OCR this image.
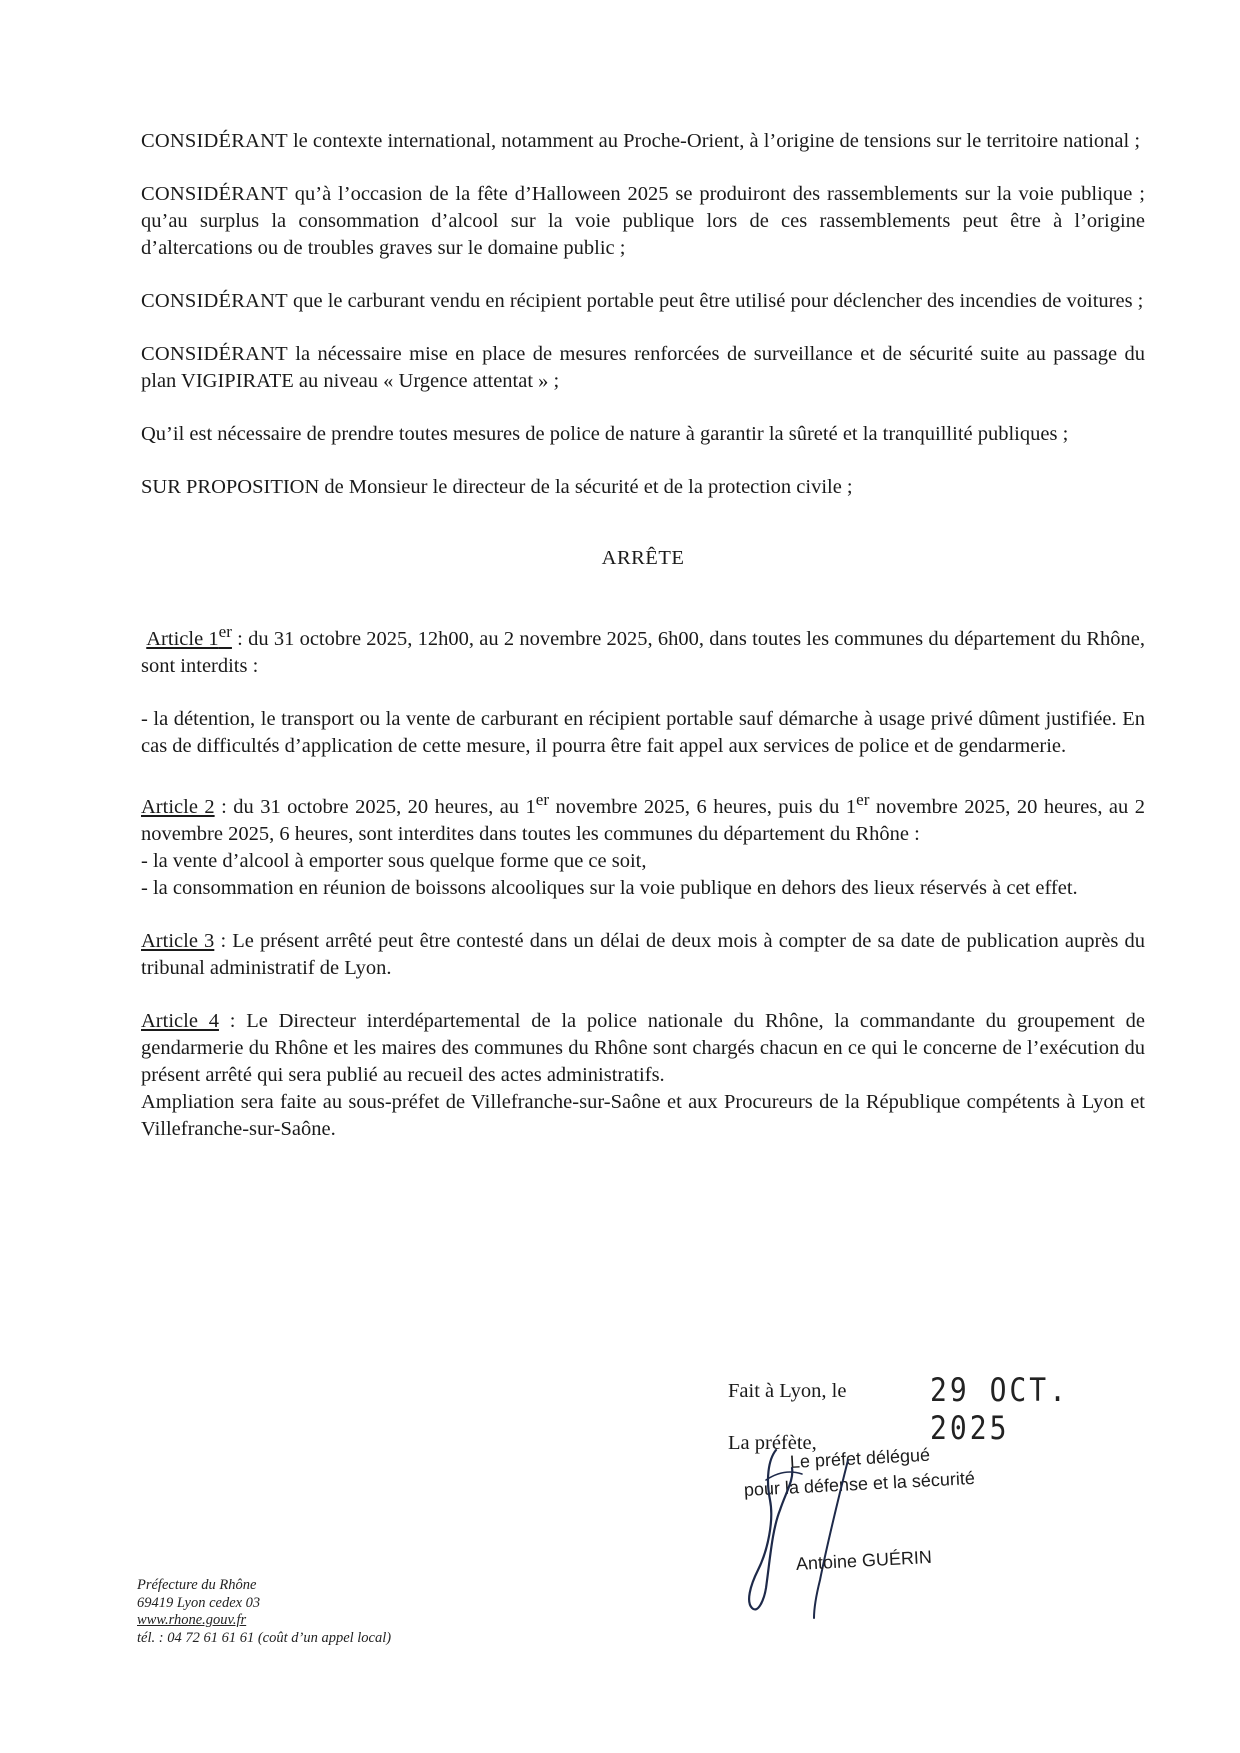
CONSIDÉRANT le contexte international, notamment au Proche-Orient, à l’origine de tensions sur le territoire national ;

CONSIDÉRANT qu’à l’occasion de la fête d’Halloween 2025 se produiront des rassemblements sur la voie publique ; qu’au surplus la consommation d’alcool sur la voie publique lors de ces rassemblements peut être à l’origine d’altercations ou de troubles graves sur le domaine public ;

CONSIDÉRANT que le carburant vendu en récipient portable peut être utilisé pour déclencher des incendies de voitures ;

CONSIDÉRANT la nécessaire mise en place de mesures renforcées de surveillance et de sécurité suite au passage du plan VIGIPIRATE au niveau « Urgence attentat » ;

Qu’il est nécessaire de prendre toutes mesures de police de nature à garantir la sûreté et la tranquillité publiques ;

SUR PROPOSITION de Monsieur le directeur de la sécurité et de la protection civile ;

ARRÊTE

Article 1er : du 31 octobre 2025, 12h00, au 2 novembre 2025, 6h00, dans toutes les communes du département du Rhône, sont interdits :

- la détention, le transport ou la vente de carburant en récipient portable sauf démarche à usage privé dûment justifiée. En cas de difficultés d’application de cette mesure, il pourra être fait appel aux services de police et de gendarmerie.

Article 2 : du 31 octobre 2025, 20 heures, au 1er novembre 2025, 6 heures, puis du 1er novembre 2025, 20 heures, au 2 novembre 2025, 6 heures, sont interdites dans toutes les communes du département du Rhône :

- la vente d’alcool à emporter sous quelque forme que ce soit,

- la consommation en réunion de boissons alcooliques sur la voie publique en dehors des lieux réservés à cet effet.

Article 3 : Le présent arrêté peut être contesté dans un délai de deux mois à compter de sa date de publication auprès du tribunal administratif de Lyon.

Article 4 : Le Directeur interdépartemental de la police nationale du Rhône, la commandante du groupement de gendarmerie du Rhône et les maires des communes du Rhône sont chargés chacun en ce qui le concerne de l’exécution du présent arrêté qui sera publié au recueil des actes administratifs.

Ampliation sera faite au sous-préfet de Villefranche-sur-Saône et aux Procureurs de la République compétents à Lyon et Villefranche-sur-Saône.

Fait à Lyon, le	29 OCT. 2025
La préfète,
Le préfet délégué
pour la défense et la sécurité
Antoine GUÉRIN
Préfecture du Rhône
69419 Lyon cedex 03
www.rhone.gouv.fr
tél. : 04 72 61 61 61 (coût d’un appel local)
